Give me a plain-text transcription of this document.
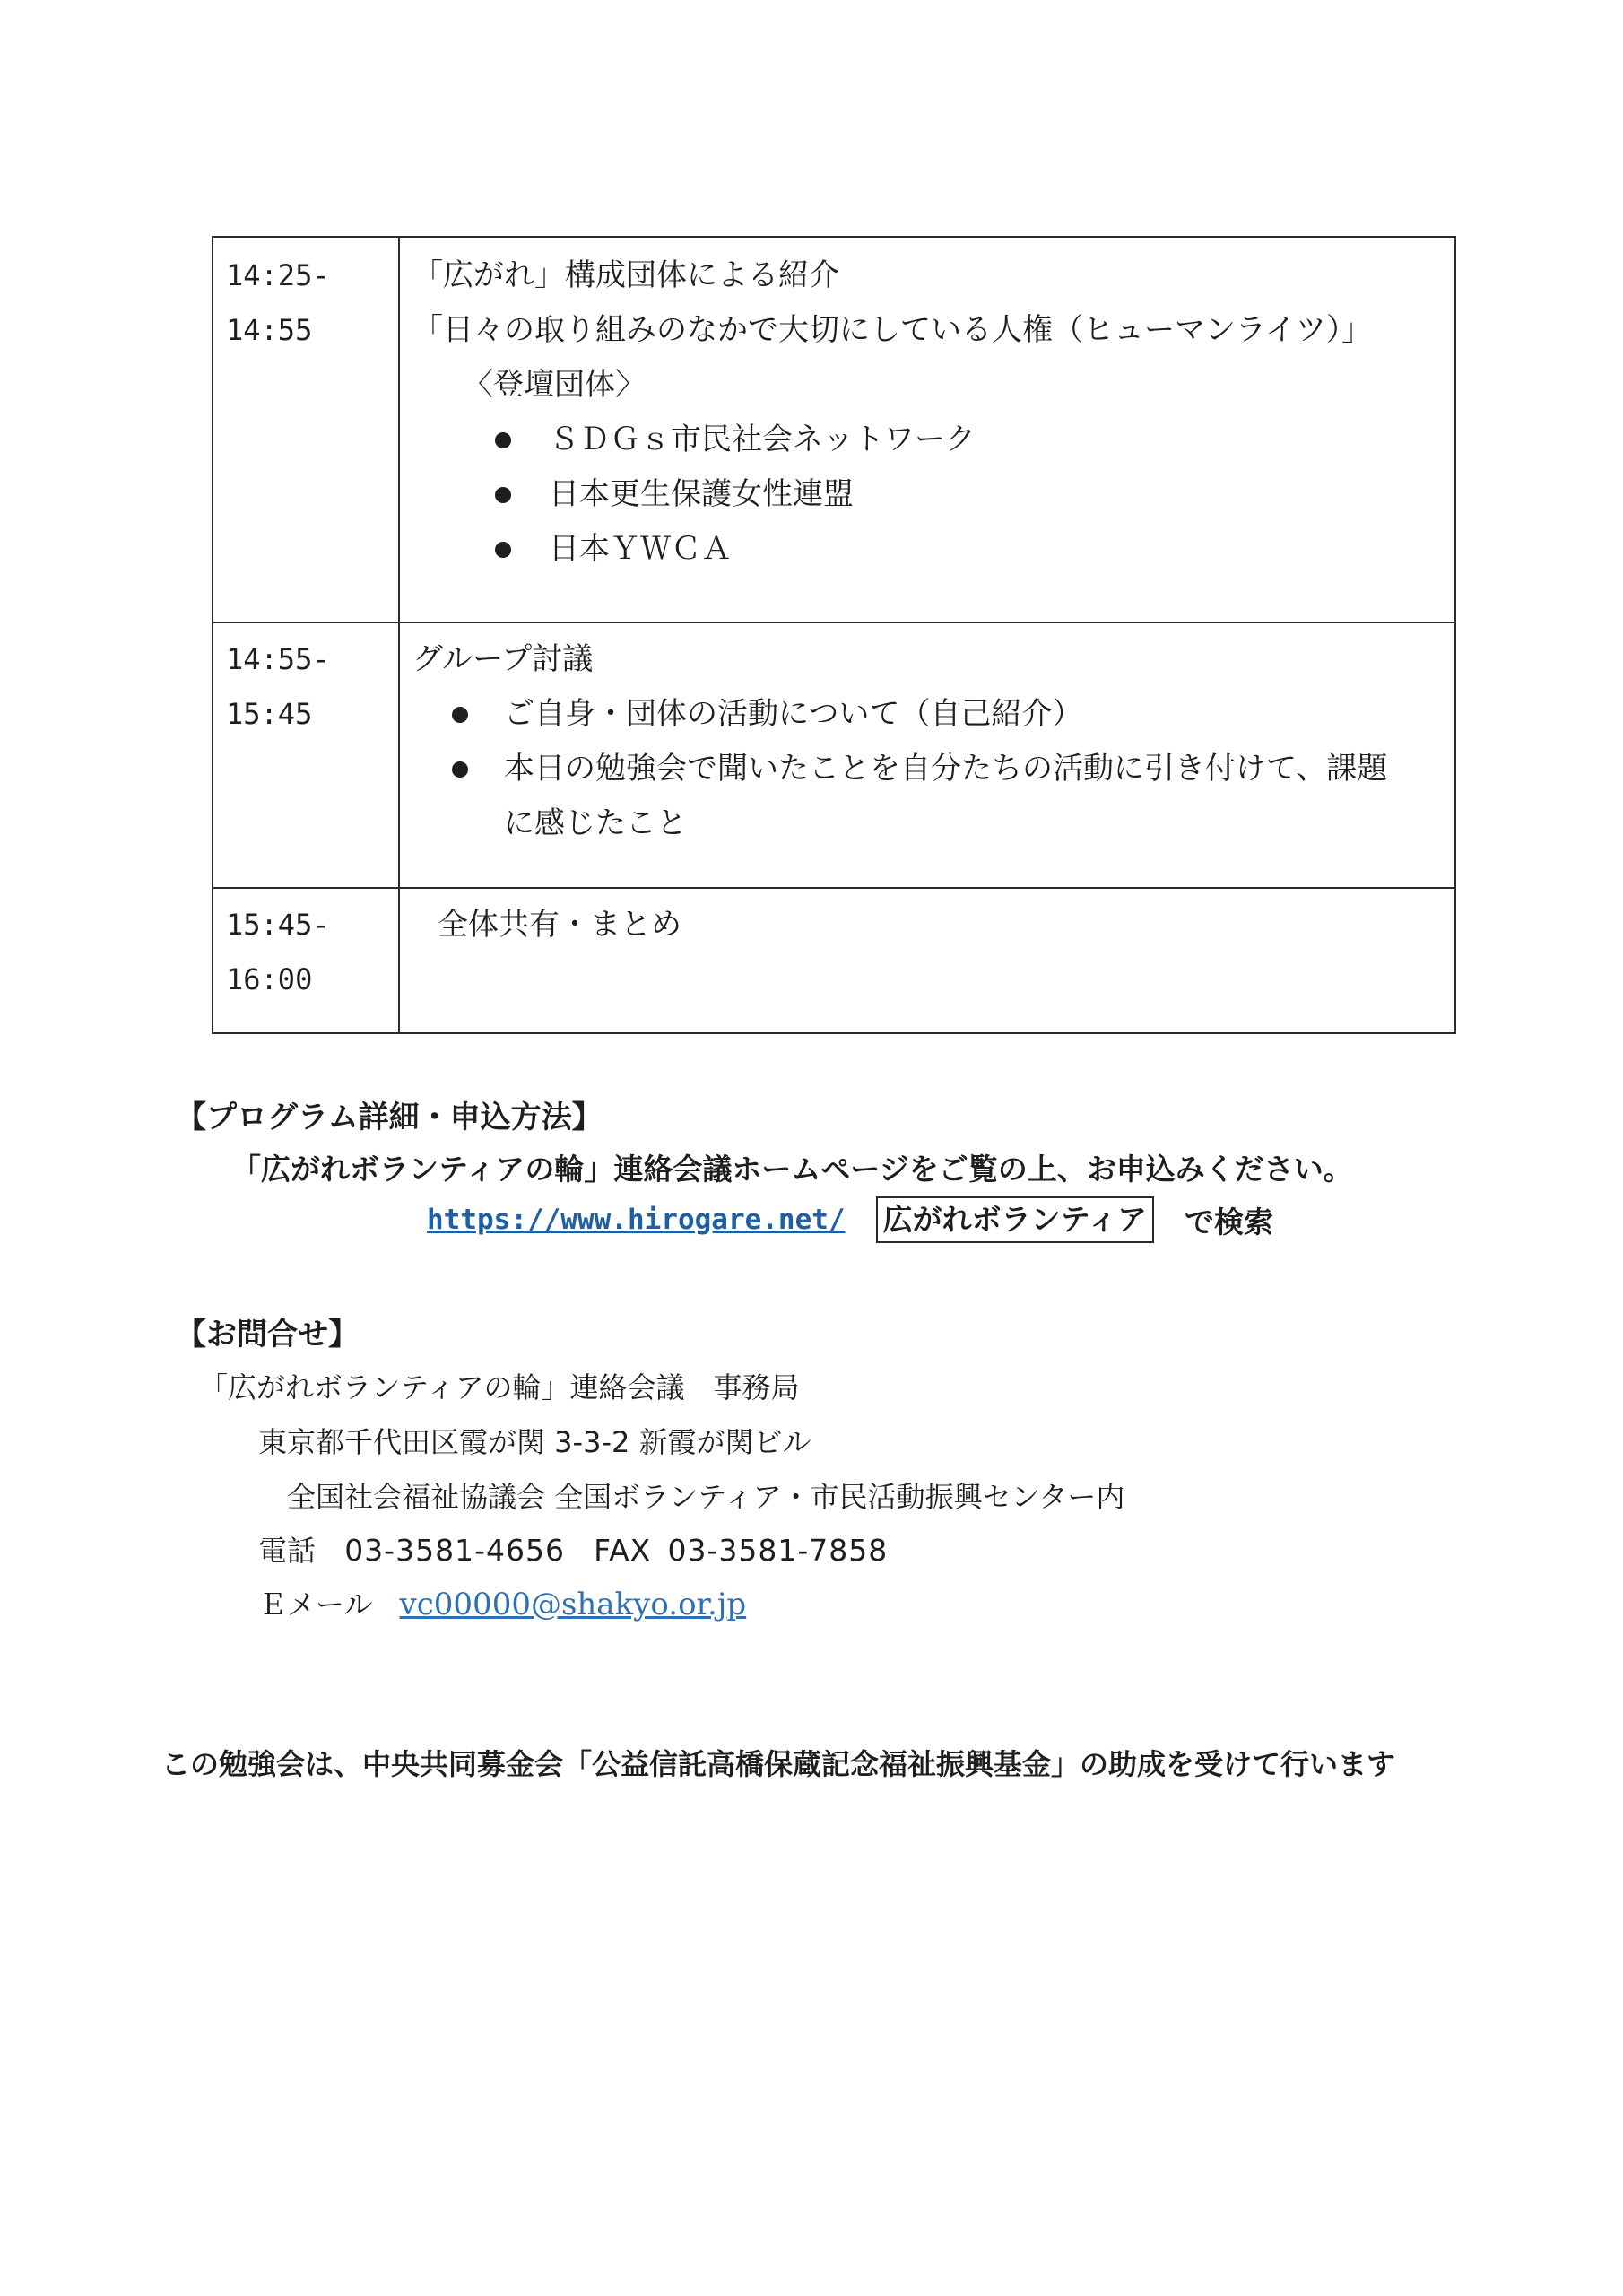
14:25-
14:55
「広がれ」構成団体による紹介
「日々の取り組みのなかで大切にしている人権（ヒューマンライツ）」
〈登壇団体〉
ＳＤＧｓ市民社会ネットワーク
日本更生保護女性連盟
日本ＹＷＣＡ
14:55-
15:45
グループ討議
ご自身・団体の活動について（自己紹介）
本日の勉強会で聞いたことを自分たちの活動に引き付けて、課題
に感じたこと
15:45-
16:00
全体共有・まとめ
【プログラム詳細・申込方法】
「広がれボランティアの輪」連絡会議ホームページをご覧の上、お申込みください。
https://www.hirogare.net/ 広がれボランティア で検索
【お問合せ】
「広がれボランティアの輪」連絡会議　事務局
東京都千代田区霞が関 3-3-2 新霞が関ビル
全国社会福祉協議会 全国ボランティア・市民活動振興センター内
電話 03-3581-4656 FAX 03-3581-7858
Ｅメール vc00000@shakyo.or.jp
この勉強会は、中央共同募金会「公益信託高橋保蔵記念福祉振興基金」の助成を受けて行います
